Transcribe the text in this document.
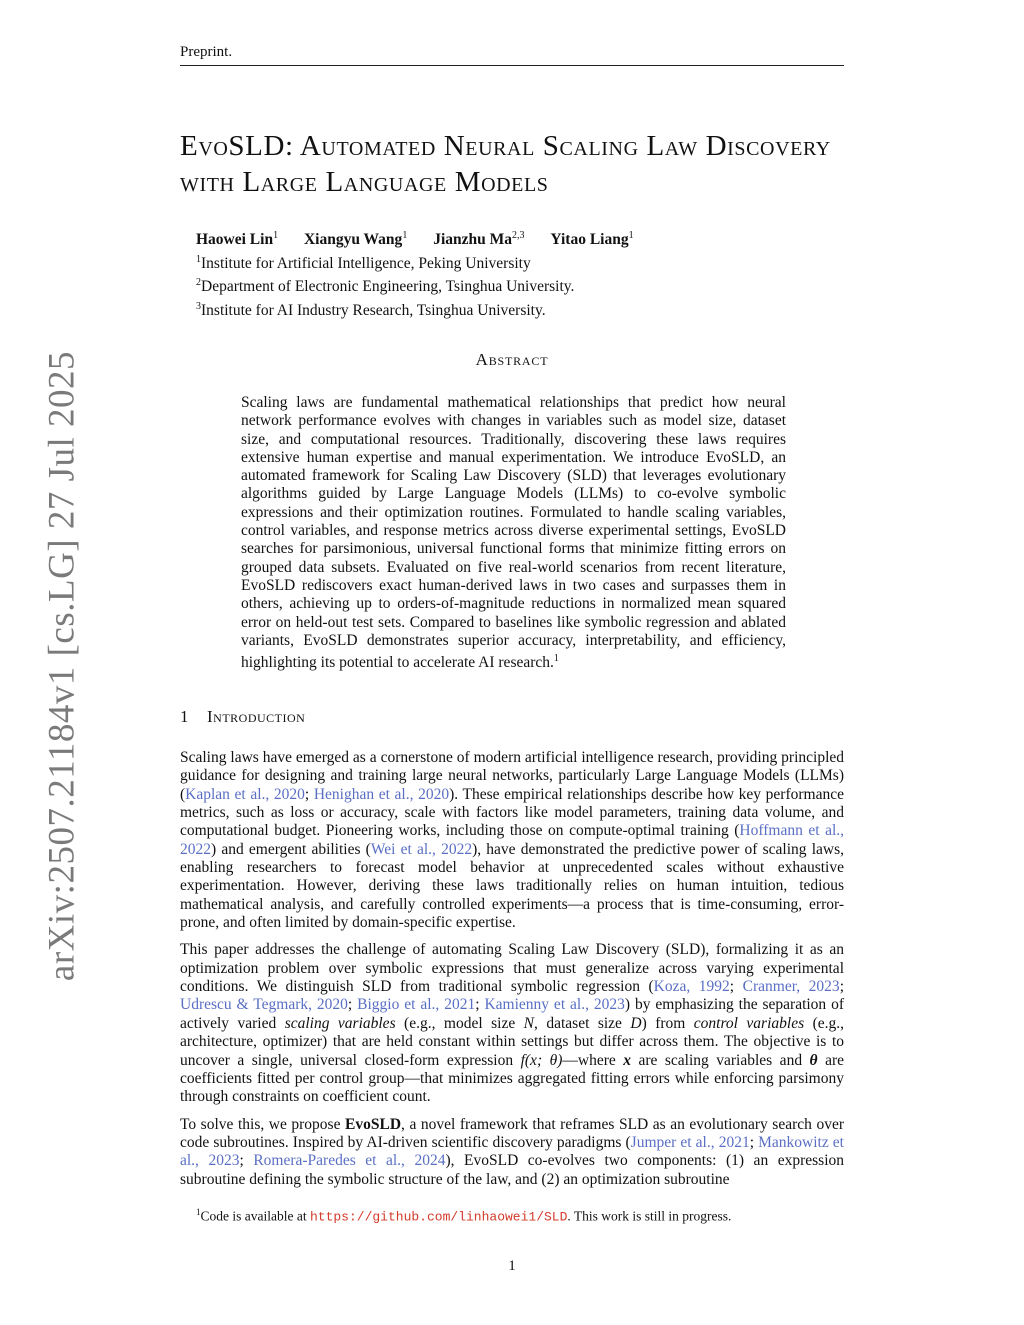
Preprint.
arXiv:2507.21184v1 [cs.LG] 27 Jul 2025
EvoSLD: Automated Neural Scaling Law Discovery with Large Language Models
Haowei Lin$^1$ Xiangyu Wang$^1$ Jianzhu Ma$^{2,3}$ Yitao Liang$^1$
$^1$Institute for Artificial Intelligence, Peking University
$^2$Department of Electronic Engineering, Tsinghua University.
$^3$Institute for AI Industry Research, Tsinghua University.
Abstract

Scaling laws are fundamental mathematical relationships that predict how neural network performance evolves with changes in variables such as model size, dataset size, and computational resources. Traditionally, discovering these laws requires extensive human expertise and manual experimentation. We introduce EvoSLD, an automated framework for Scaling Law Discovery (SLD) that leverages evolutionary algorithms guided by Large Language Models (LLMs) to co-evolve symbolic expressions and their optimization routines. Formulated to handle scaling variables, control variables, and response metrics across diverse experimental settings, EvoSLD searches for parsimonious, universal functional forms that minimize fitting errors on grouped data subsets. Evaluated on five real-world scenarios from recent literature, EvoSLD rediscovers exact human-derived laws in two cases and surpasses them in others, achieving up to orders-of-magnitude reductions in normalized mean squared error on held-out test sets. Compared to baselines like symbolic regression and ablated variants, EvoSLD demonstrates superior accuracy, interpretability, and efficiency, highlighting its potential to accelerate AI research.$^1$

1 Introduction

Scaling laws have emerged as a cornerstone of modern artificial intelligence research, providing principled guidance for designing and training large neural networks, particularly Large Language Models (LLMs) (Kaplan et al., 2020; Henighan et al., 2020). These empirical relationships describe how key performance metrics, such as loss or accuracy, scale with factors like model parameters, training data volume, and computational budget. Pioneering works, including those on compute-optimal training (Hoffmann et al., 2022) and emergent abilities (Wei et al., 2022), have demonstrated the predictive power of scaling laws, enabling researchers to forecast model behavior at unprecedented scales without exhaustive experimentation. However, deriving these laws traditionally relies on human intuition, tedious mathematical analysis, and carefully controlled experiments—a process that is time-consuming, error-prone, and often limited by domain-specific expertise.

This paper addresses the challenge of automating Scaling Law Discovery (SLD), formalizing it as an optimization problem over symbolic expressions that must generalize across varying experimental conditions. We distinguish SLD from traditional symbolic regression (Koza, 1992; Cranmer, 2023; Udrescu & Tegmark, 2020; Biggio et al., 2021; Kamienny et al., 2023) by emphasizing the separation of actively varied scaling variables (e.g., model size N, dataset size D) from control variables (e.g., architecture, optimizer) that are held constant within settings but differ across them. The objective is to uncover a single, universal closed-form expression f(x; θ)—where x are scaling variables and θ are coefficients fitted per control group—that minimizes aggregated fitting errors while enforcing parsimony through constraints on coefficient count.

To solve this, we propose EvoSLD, a novel framework that reframes SLD as an evolutionary search over code subroutines. Inspired by AI-driven scientific discovery paradigms (Jumper et al., 2021; Mankowitz et al., 2023; Romera-Paredes et al., 2024), EvoSLD co-evolves two components: (1) an expression subroutine defining the symbolic structure of the law, and (2) an optimization subroutine

$^1$Code is available at https://github.com/linhaowei1/SLD. This work is still in progress.
1
